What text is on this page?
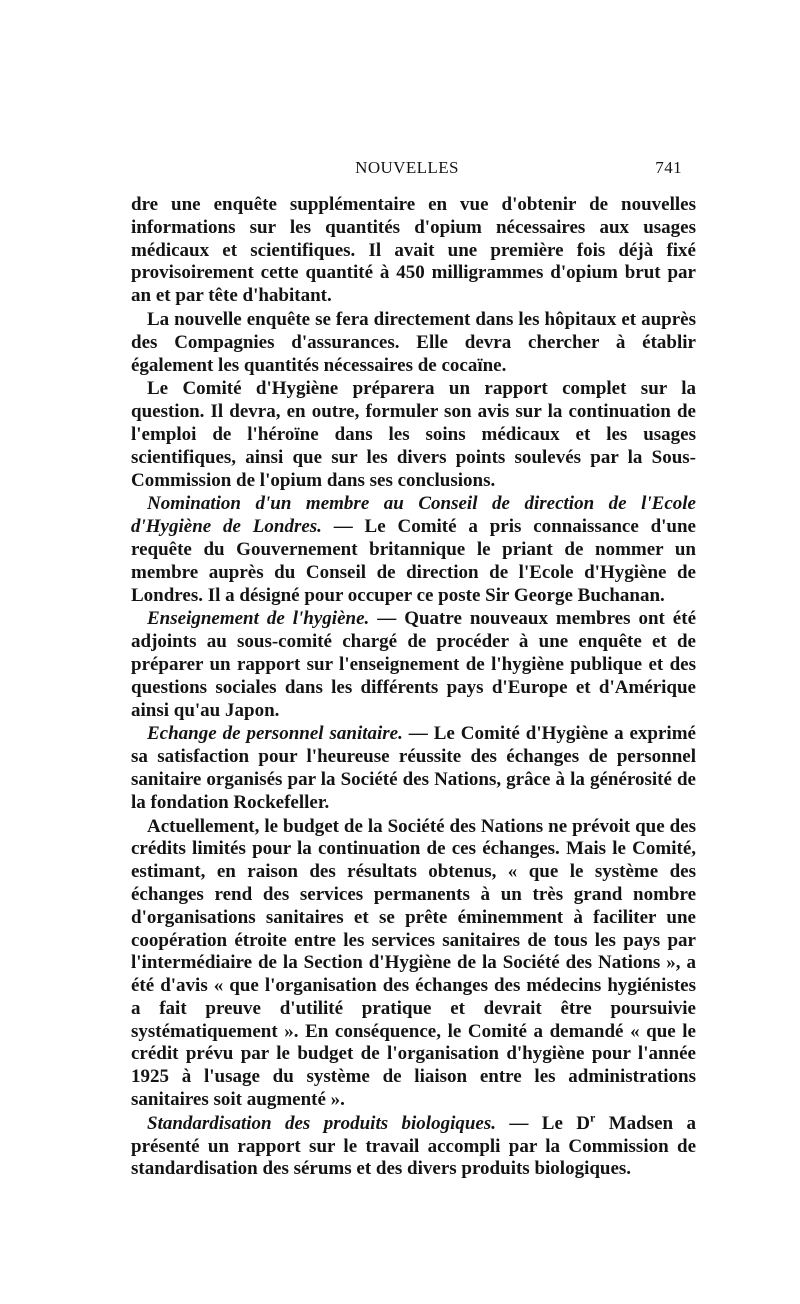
NOUVELLES	741

dre une enquête supplémentaire en vue d'obtenir de nouvelles informations sur les quantités d'opium nécessaires aux usages médicaux et scientifiques. Il avait une première fois déjà fixé provisoirement cette quantité à 450 milligrammes d'opium brut par an et par tête d'habitant.

La nouvelle enquête se fera directement dans les hôpitaux et auprès des Compagnies d'assurances. Elle devra chercher à établir également les quantités nécessaires de cocaïne.

Le Comité d'Hygiène préparera un rapport complet sur la question. Il devra, en outre, formuler son avis sur la continuation de l'emploi de l'héroïne dans les soins médicaux et les usages scientifiques, ainsi que sur les divers points soulevés par la Sous-Commission de l'opium dans ses conclusions.

Nomination d'un membre au Conseil de direction de l'Ecole d'Hygiène de Londres. — Le Comité a pris connaissance d'une requête du Gouvernement britannique le priant de nommer un membre auprès du Conseil de direction de l'Ecole d'Hygiène de Londres. Il a désigné pour occuper ce poste Sir George Buchanan.

Enseignement de l'hygiène. — Quatre nouveaux membres ont été adjoints au sous-comité chargé de procéder à une enquête et de préparer un rapport sur l'enseignement de l'hygiène publique et des questions sociales dans les différents pays d'Europe et d'Amérique ainsi qu'au Japon.

Echange de personnel sanitaire. — Le Comité d'Hygiène a exprimé sa satisfaction pour l'heureuse réussite des échanges de personnel sanitaire organisés par la Société des Nations, grâce à la générosité de la fondation Rockefeller.

Actuellement, le budget de la Société des Nations ne prévoit que des crédits limités pour la continuation de ces échanges. Mais le Comité, estimant, en raison des résultats obtenus, « que le système des échanges rend des services permanents à un très grand nombre d'organisations sanitaires et se prête éminemment à faciliter une coopération étroite entre les services sanitaires de tous les pays par l'intermédiaire de la Section d'Hygiène de la Société des Nations », a été d'avis « que l'organisation des échanges des médecins hygiénistes a fait preuve d'utilité pratique et devrait être poursuivie systématiquement ». En conséquence, le Comité a demandé « que le crédit prévu par le budget de l'organisation d'hygiène pour l'année 1925 à l'usage du système de liaison entre les administrations sanitaires soit augmenté ».

Standardisation des produits biologiques. — Le $D^r$ Madsen a présenté un rapport sur le travail accompli par la Commission de standardisation des sérums et des divers produits biologiques.
